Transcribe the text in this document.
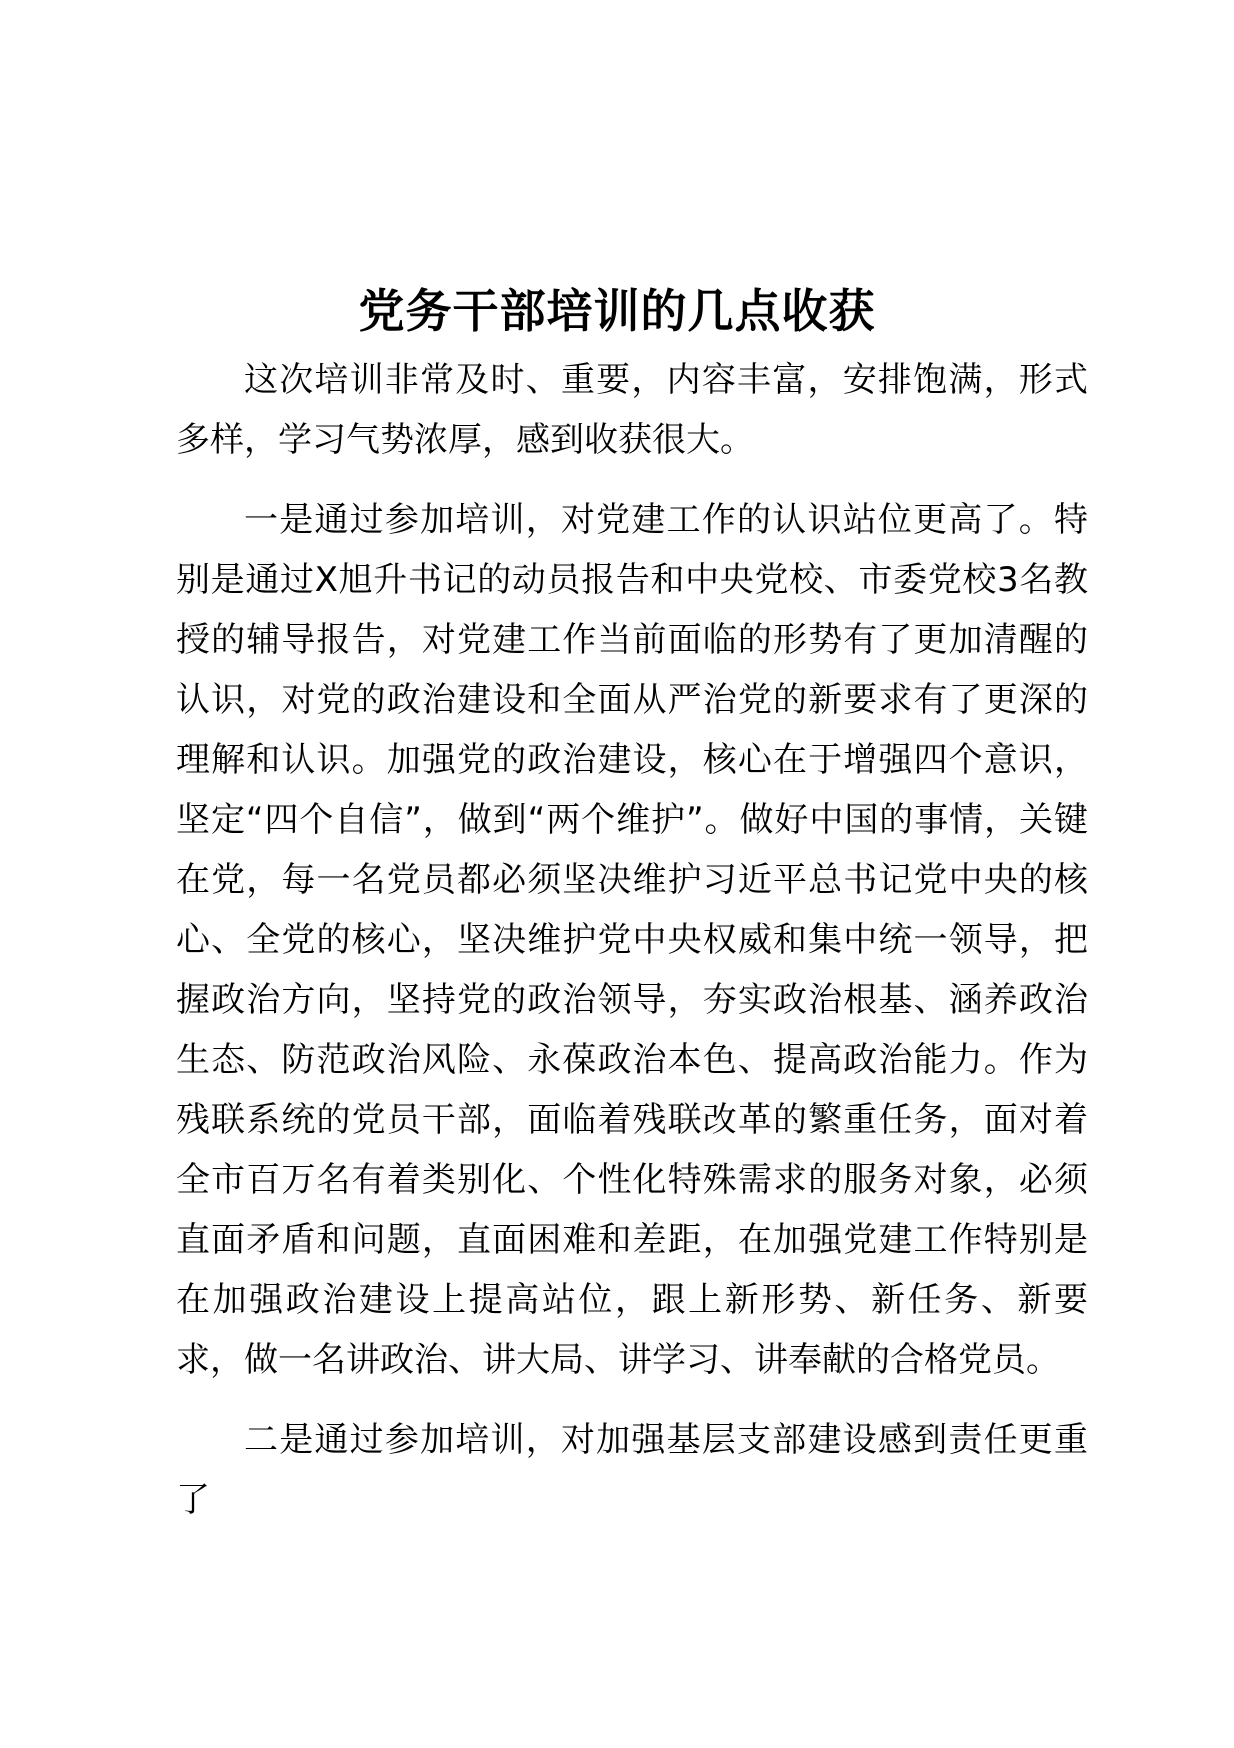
党务干部培训的几点收获

这次培训非常及时、重要，内容丰富，安排饱满，形式多样，学习气势浓厚，感到收获很大。

一是通过参加培训，对党建工作的认识站位更高了。特别是通过X旭升书记的动员报告和中央党校、市委党校3名教授的辅导报告，对党建工作当前面临的形势有了更加清醒的认识，对党的政治建设和全面从严治党的新要求有了更深的理解和认识。加强党的政治建设，核心在于增强四个意识，坚定“四个自信”，做到“两个维护”。做好中国的事情，关键在党，每一名党员都必须坚决维护习近平总书记党中央的核心、全党的核心，坚决维护党中央权威和集中统一领导，把握政治方向，坚持党的政治领导，夯实政治根基、涵养政治生态、防范政治风险、永葆政治本色、提高政治能力。作为残联系统的党员干部，面临着残联改革的繁重任务，面对着全市百万名有着类别化、个性化特殊需求的服务对象，必须直面矛盾和问题，直面困难和差距，在加强党建工作特别是在加强政治建设上提高站位，跟上新形势、新任务、新要求，做一名讲政治、讲大局、讲学习、讲奉献的合格党员。

二是通过参加培训，对加强基层支部建设感到责任更重了
